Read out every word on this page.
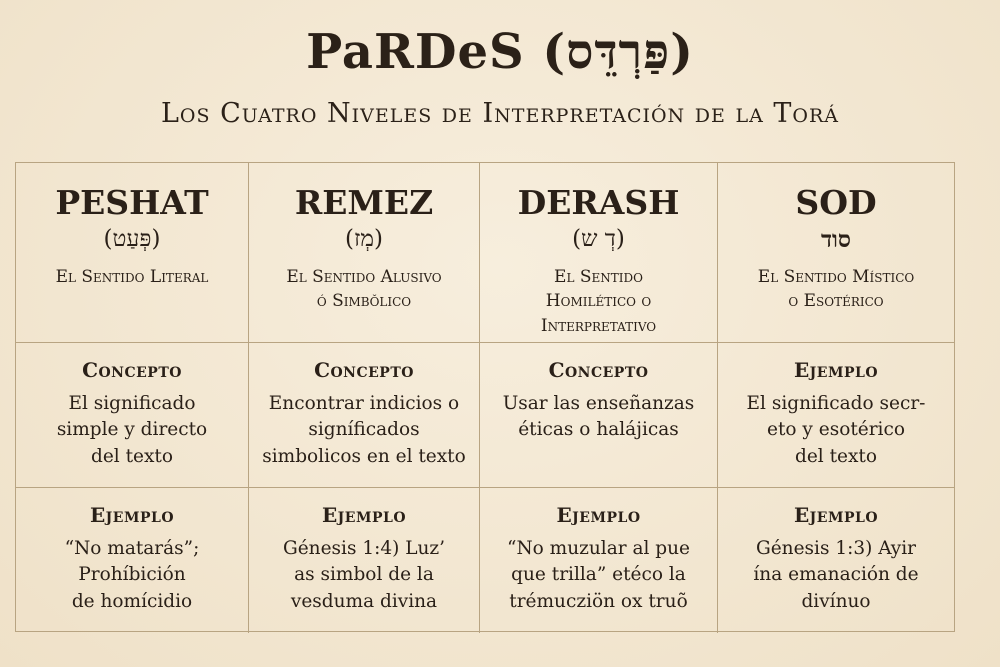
PaRDeS (פַּרְדֵּס)
Los Cuatro Niveles de Interpretación de la Torá
PESHAT
(פְּעַט)
El Sentido Literal
REMEZ
(מְז)
El Sentido Alusivo
ó Simbǒlico
DERASH
(דְ ש)
El Sentido
Homilético o
Interpretativo
SOD
סוד
El Sentido Místico
o Esotérico
Concepto
El significado
simple y directo
del texto
Concepto
Encontrar indicios o
signíficados
simbolicos en el texto
Concepto
Usar las enseñanzas
éticas o halájicas
Ejemplo
El significado secr-
eto y esotérico
del texto
Ejemplo
“No matarás”;
Prohíbición
de homícidio
Ejemplo
Génesis 1:4) Luz’
as simbol de la
vesduma divina
Ejemplo
“No muzular al pue
que trilla” etéco la
trémucziön ox truõ
Ejemplo
Génesis 1:3) Ayir
ína emanación de
divínuo
